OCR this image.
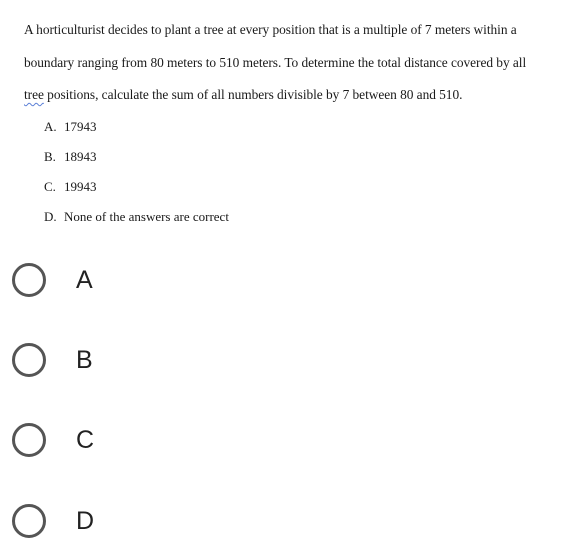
A horticulturist decides to plant a tree at every position that is a multiple of 7 meters within a
boundary ranging from 80 meters to 510 meters. To determine the total distance covered by all
tree positions, calculate the sum of all numbers divisible by 7 between 80 and 510.
A. 17943
B. 18943
C. 19943
D. None of the answers are correct
A
B
C
D
